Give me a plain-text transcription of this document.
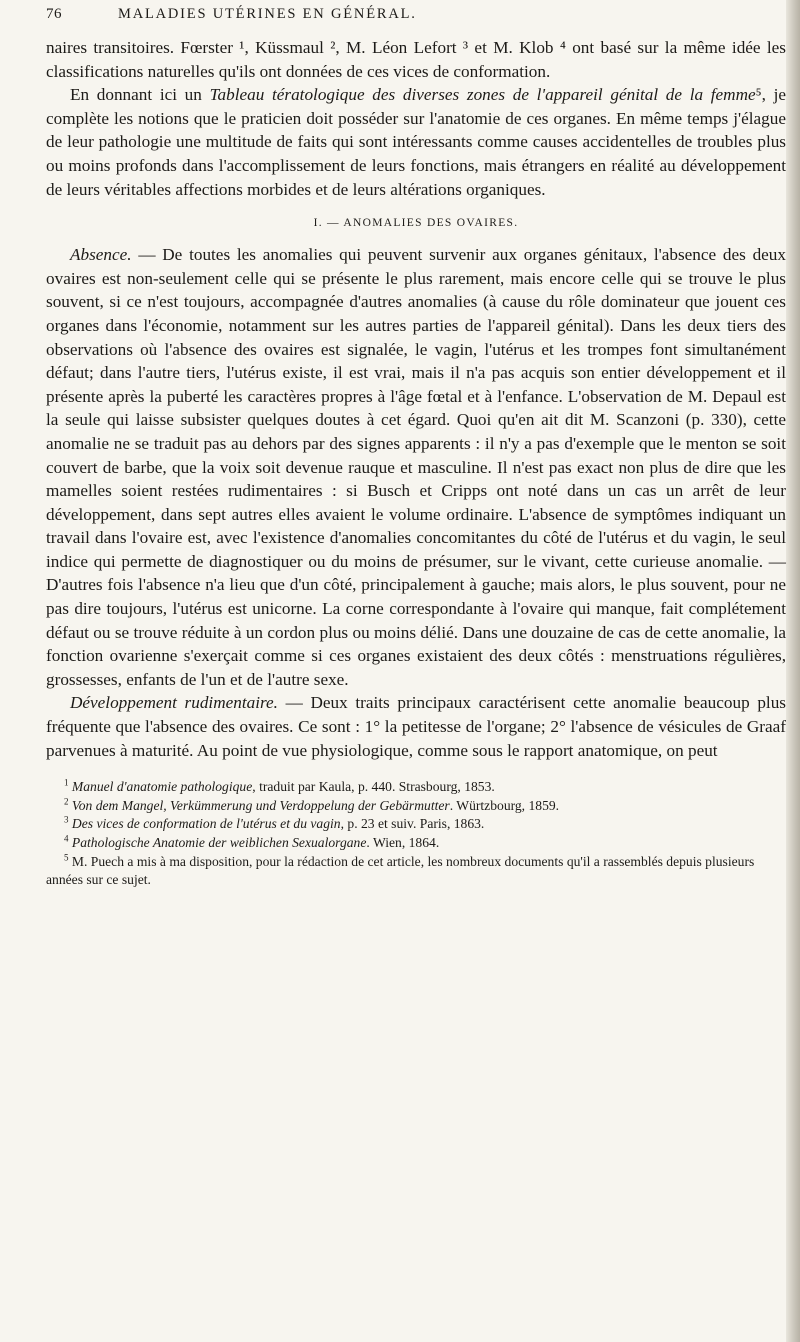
76	MALADIES UTÉRINES EN GÉNÉRAL.

naires transitoires. Fœrster ¹, Küssmaul ², M. Léon Lefort ³ et M. Klob ⁴ ont basé sur la même idée les classifications naturelles qu'ils ont données de ces vices de conformation.

En donnant ici un Tableau tératologique des diverses zones de l'appareil génital de la femme⁵, je complète les notions que le praticien doit posséder sur l'anatomie de ces organes. En même temps j'élague de leur pathologie une multitude de faits qui sont intéressants comme causes accidentelles de troubles plus ou moins profonds dans l'accomplissement de leurs fonctions, mais étrangers en réalité au développement de leurs véritables affections morbides et de leurs altérations organiques.

I. — ANOMALIES DES OVAIRES.

Absence. — De toutes les anomalies qui peuvent survenir aux organes génitaux, l'absence des deux ovaires est non-seulement celle qui se présente le plus rarement, mais encore celle qui se trouve le plus souvent, si ce n'est toujours, accompagnée d'autres anomalies (à cause du rôle dominateur que jouent ces organes dans l'économie, notamment sur les autres parties de l'appareil génital). Dans les deux tiers des observations où l'absence des ovaires est signalée, le vagin, l'utérus et les trompes font simultanément défaut; dans l'autre tiers, l'utérus existe, il est vrai, mais il n'a pas acquis son entier développement et il présente après la puberté les caractères propres à l'âge fœtal et à l'enfance. L'observation de M. Depaul est la seule qui laisse subsister quelques doutes à cet égard. Quoi qu'en ait dit M. Scanzoni (p. 330), cette anomalie ne se traduit pas au dehors par des signes apparents : il n'y a pas d'exemple que le menton se soit couvert de barbe, que la voix soit devenue rauque et masculine. Il n'est pas exact non plus de dire que les mamelles soient restées rudimentaires : si Busch et Cripps ont noté dans un cas un arrêt de leur développement, dans sept autres elles avaient le volume ordinaire. L'absence de symptômes indiquant un travail dans l'ovaire est, avec l'existence d'anomalies concomitantes du côté de l'utérus et du vagin, le seul indice qui permette de diagnostiquer ou du moins de présumer, sur le vivant, cette curieuse anomalie. — D'autres fois l'absence n'a lieu que d'un côté, principalement à gauche; mais alors, le plus souvent, pour ne pas dire toujours, l'utérus est unicorne. La corne correspondante à l'ovaire qui manque, fait complétement défaut ou se trouve réduite à un cordon plus ou moins délié. Dans une douzaine de cas de cette anomalie, la fonction ovarienne s'exerçait comme si ces organes existaient des deux côtés : menstruations régulières, grossesses, enfants de l'un et de l'autre sexe.

Développement rudimentaire. — Deux traits principaux caractérisent cette anomalie beaucoup plus fréquente que l'absence des ovaires. Ce sont : 1° la petitesse de l'organe; 2° l'absence de vésicules de Graaf parvenues à maturité. Au point de vue physiologique, comme sous le rapport anatomique, on peut

$^1$ Manuel d'anatomie pathologique, traduit par Kaula, p. 440. Strasbourg, 1853.
$^2$ Von dem Mangel, Verkümmerung und Verdoppelung der Gebärmutter. Würtzbourg, 1859.
$^3$ Des vices de conformation de l'utérus et du vagin, p. 23 et suiv. Paris, 1863.
$^4$ Pathologische Anatomie der weiblichen Sexualorgane. Wien, 1864.
$^5$ M. Puech a mis à ma disposition, pour la rédaction de cet article, les nombreux documents qu'il a rassemblés depuis plusieurs années sur ce sujet.
